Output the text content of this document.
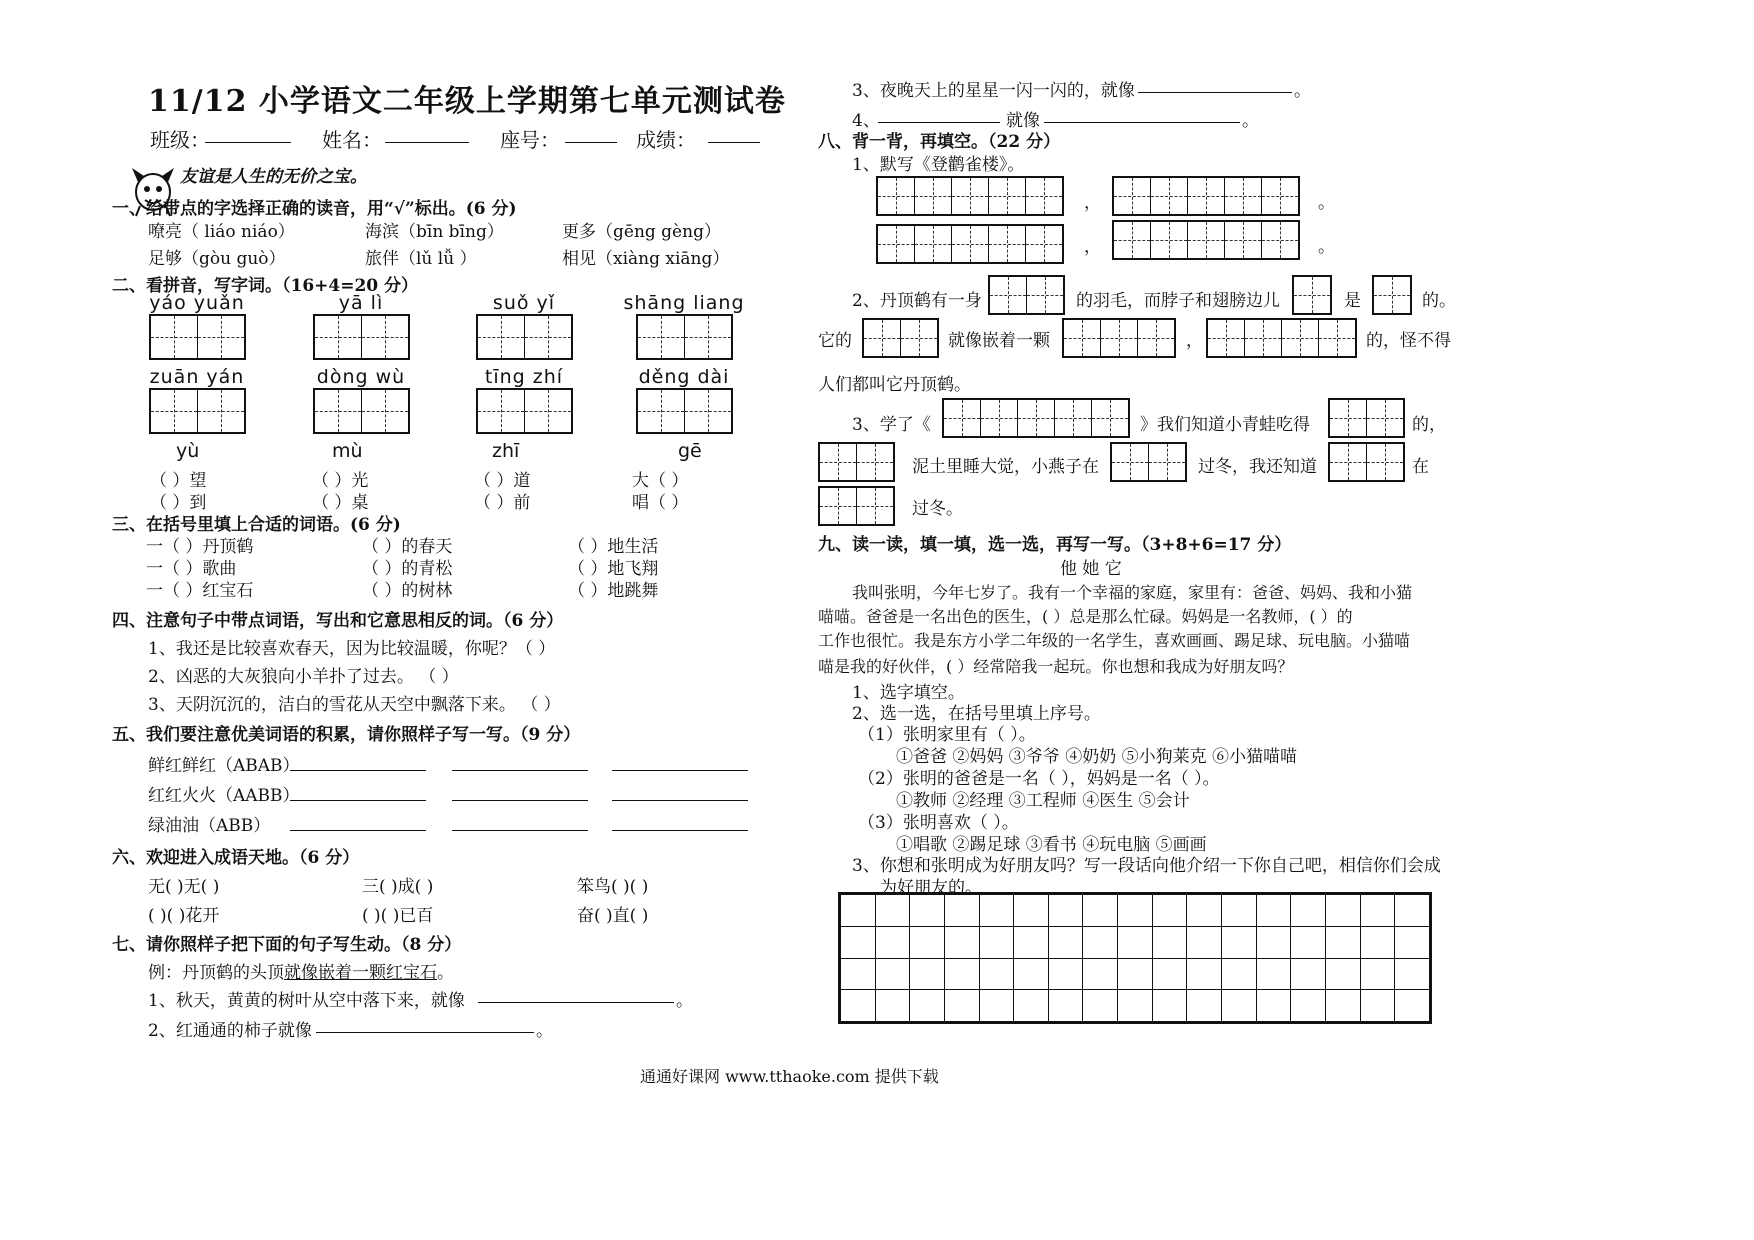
11/12 小学语文二年级上学期第七单元测试卷
班级：	姓名：	座号：	成绩：
友谊是人生的无价之宝。
一、给带点的字选择正确的读音，用“√”标出。(6 分)
嘹亮（ liáo niáo）	海滨（bīn bīng）	更多（gēng gèng）
足够（gòu guò）	旅伴（lǔ lǚ ）	相见（xiàng xiāng）
二、看拼音，写字词。（16+4=20 分）
yáo yuǎn	yā lì	suǒ yǐ	shāng liang
zuān yán	dòng wù	tīng zhí	děng dài
yù	mù	zhī	gē
（ ）望	（ ）光	（ ）道	大（ ）
（ ）到	（ ）桌	（ ）前	唱（ ）
三、在括号里填上合适的词语。(6 分)
一（ ）丹顶鹤	（ ）的春天	（ ）地生活
一（ ）歌曲	（ ）的青松	（ ）地飞翔
一（ ）红宝石	（ ）的树林	（ ）地跳舞
四、注意句子中带点词语，写出和它意思相反的词。（6 分）
1、我还是比较喜欢春天，因为比较温暖，你呢？（ ）
2、凶恶的大灰狼向小羊扑了过去。 （ ）
3、天阴沉沉的，洁白的雪花从天空中飘落下来。 （ ）
五、我们要注意优美词语的积累，请你照样子写一写。（9 分）
鲜红鲜红（ABAB）
红红火火（AABB）
绿油油（ABB）
六、欢迎进入成语天地。（6 分）
无( )无( )	三( )成( )	笨鸟( )( )
( )( )花开	( )( )已百	奋( )直( )
七、请你照样子把下面的句子写生动。（8 分）
例：丹顶鹤的头顶就像嵌着一颗红宝石。
1、秋天，黄黄的树叶从空中落下来，就像	。
2、红通通的柿子就像	。
3、夜晚天上的星星一闪一闪的，就像	。
4、	就像	。
八、背一背，再填空。（22 分）
1、默写《登鹳雀楼》。
，	。
，	。
2、丹顶鹤有一身	的羽毛，而脖子和翅膀边儿	是	的。
它的	就像嵌着一颗	，	的，怪不得
人们都叫它丹顶鹤。
3、学了《	》我们知道小青蛙吃得	的，
泥土里睡大觉，小燕子在	过冬，我还知道	在
过冬。
九、读一读，填一填，选一选，再写一写。（3+8+6=17 分）
他 她 它
我叫张明，今年七岁了。我有一个幸福的家庭，家里有：爸爸、妈妈、我和小猫
喵喵。爸爸是一名出色的医生，( ）总是那么忙碌。妈妈是一名教师，( ）的
工作也很忙。我是东方小学二年级的一名学生，喜欢画画、踢足球、玩电脑。小猫喵
喵是我的好伙伴，( ）经常陪我一起玩。你也想和我成为好朋友吗？
1、选字填空。
2、选一选，在括号里填上序号。
（1）张明家里有（ ）。
①爸爸 ②妈妈 ③爷爷 ④奶奶 ⑤小狗莱克 ⑥小猫喵喵
（2）张明的爸爸是一名（ ），妈妈是一名（ ）。
①教师 ②经理 ③工程师 ④医生 ⑤会计
（3）张明喜欢（ ）。
①唱歌 ②踢足球 ③看书 ④玩电脑 ⑤画画
3、你想和张明成为好朋友吗？写一段话向他介绍一下你自己吧，相信你们会成
为好朋友的。

通通好课网 www.tthaoke.com 提供下载
